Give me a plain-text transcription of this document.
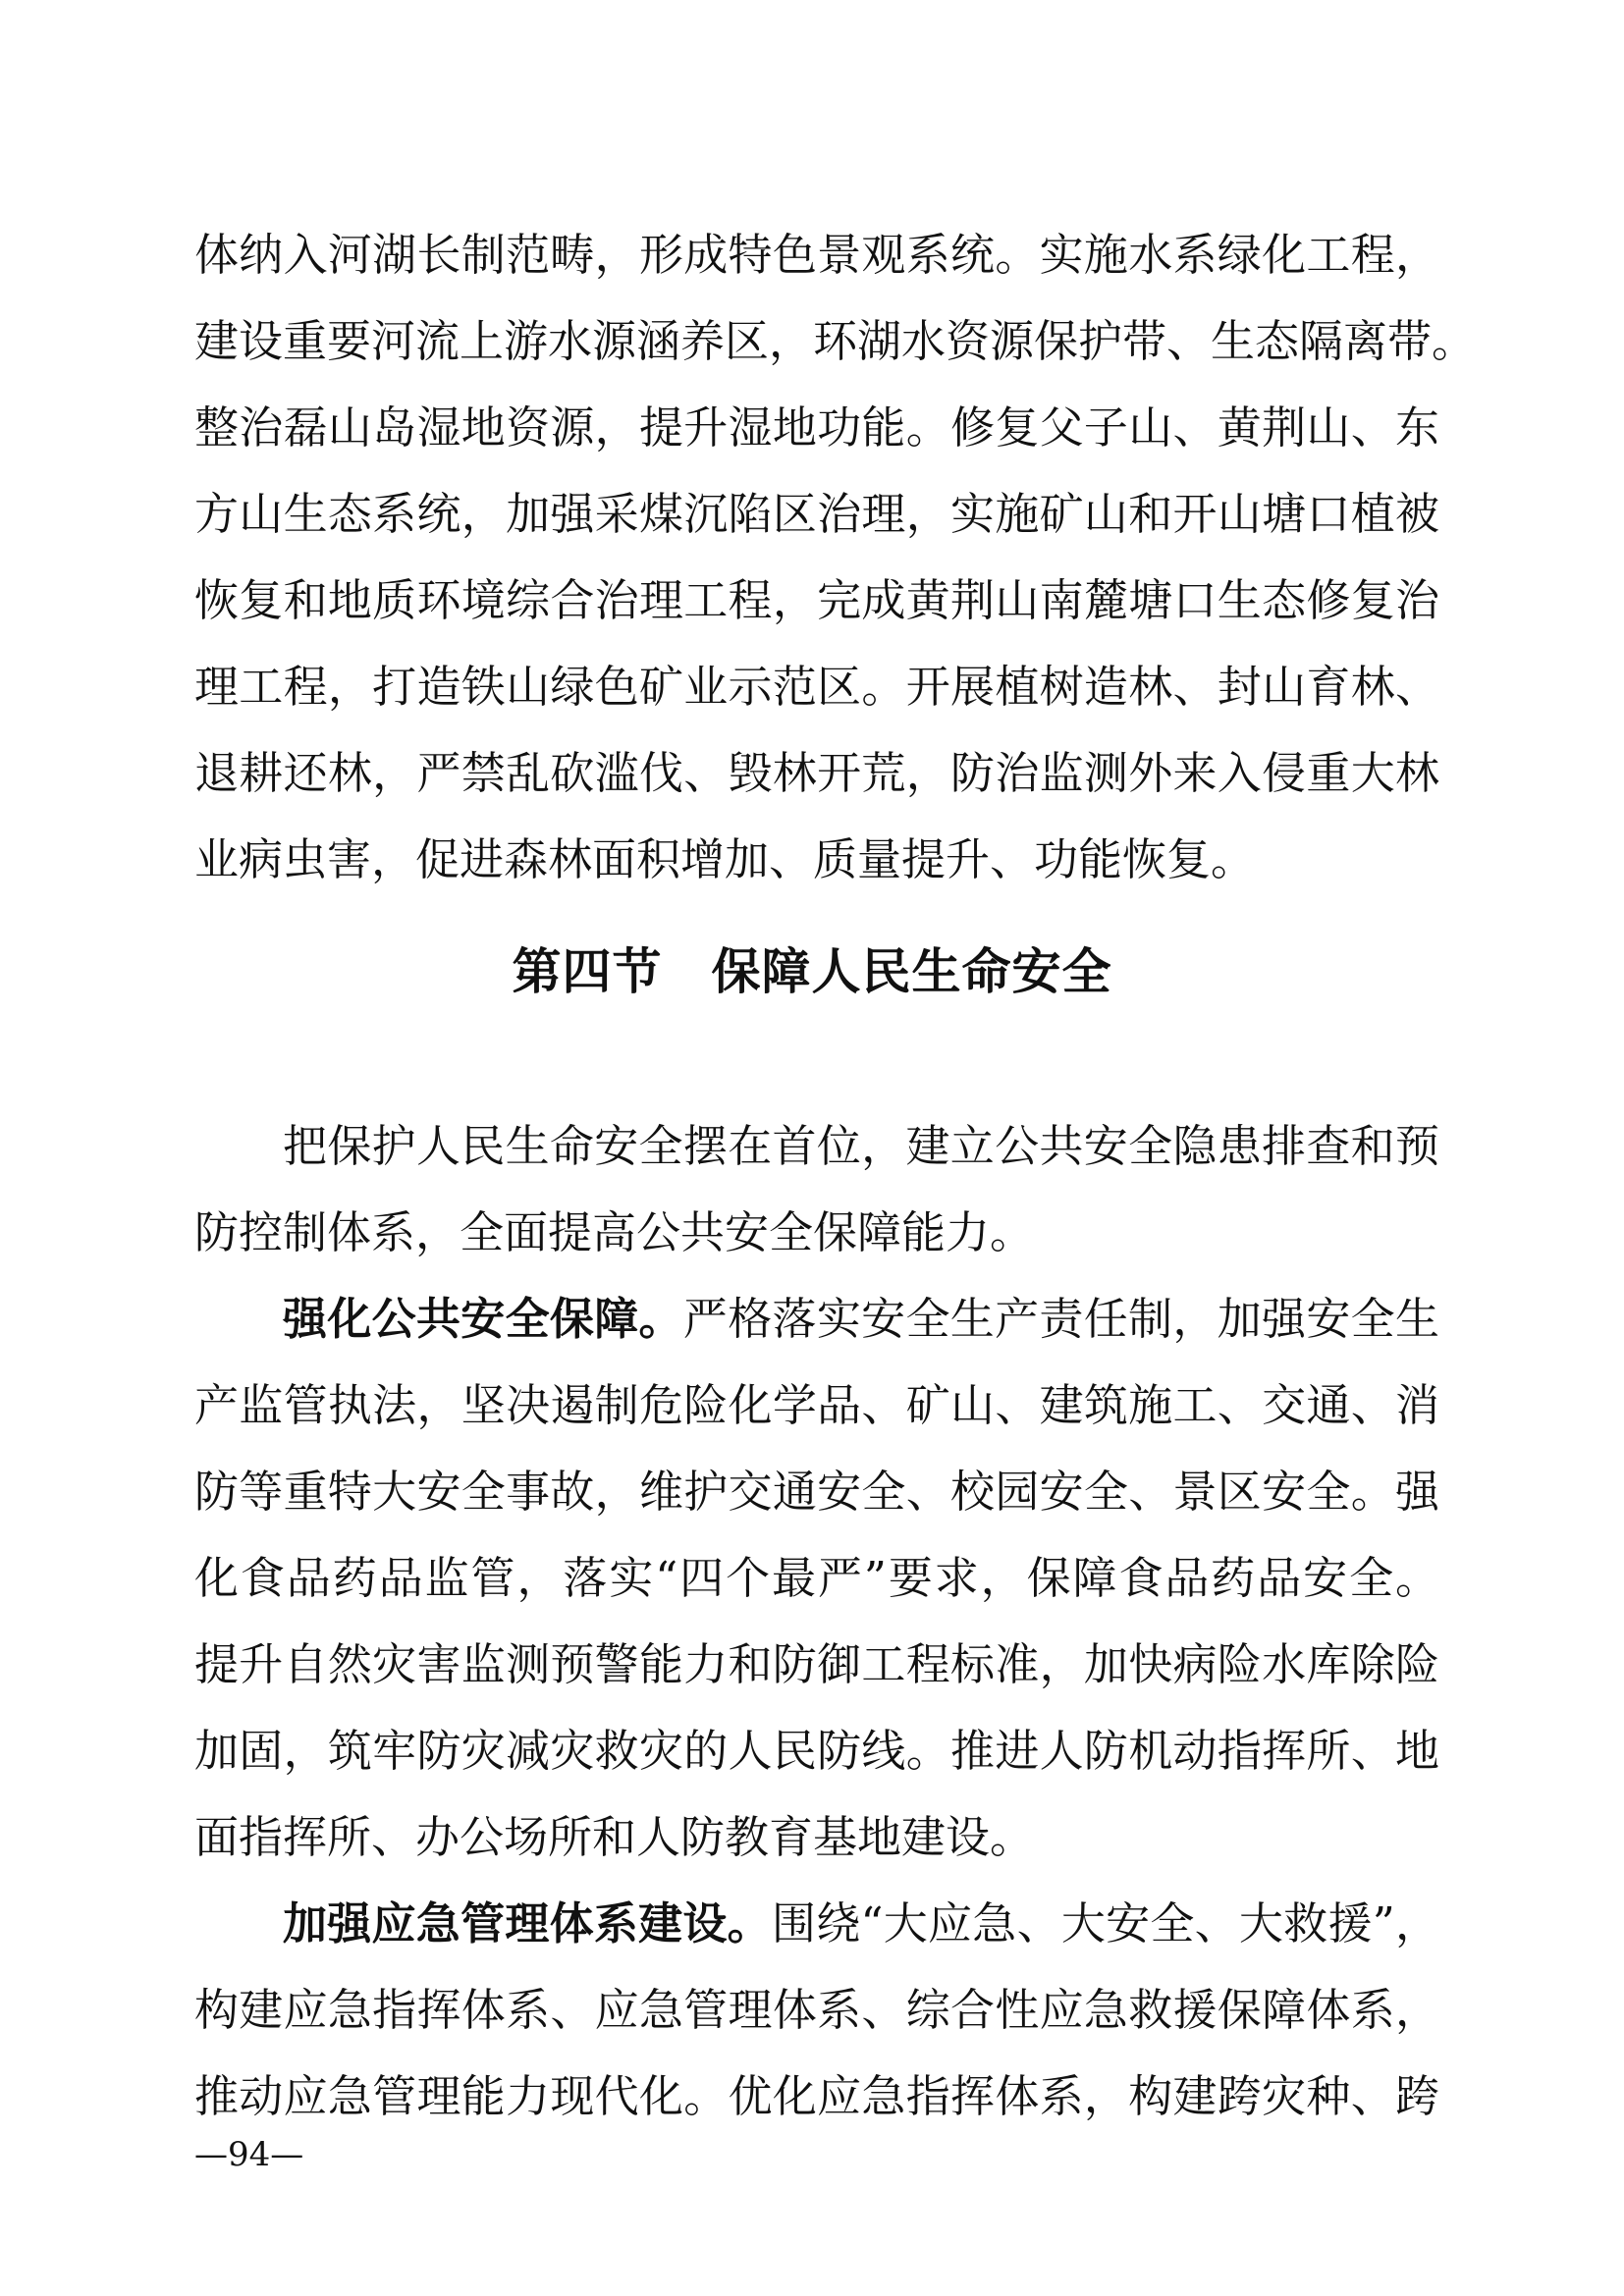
体纳入河湖长制范畴，形成特色景观系统。实施水系绿化工程，
建设重要河流上游水源涵养区，环湖水资源保护带、生态隔离带。
整治磊山岛湿地资源，提升湿地功能。修复父子山、黄荆山、东
方山生态系统，加强采煤沉陷区治理，实施矿山和开山塘口植被
恢复和地质环境综合治理工程，完成黄荆山南麓塘口生态修复治
理工程，打造铁山绿色矿业示范区。开展植树造林、封山育林、
退耕还林，严禁乱砍滥伐、毁林开荒，防治监测外来入侵重大林
业病虫害，促进森林面积增加、质量提升、功能恢复。
第四节 保障人民生命安全
把保护人民生命安全摆在首位，建立公共安全隐患排查和预
防控制体系，全面提高公共安全保障能力。
强化公共安全保障。严格落实安全生产责任制，加强安全生
产监管执法，坚决遏制危险化学品、矿山、建筑施工、交通、消
防等重特大安全事故，维护交通安全、校园安全、景区安全。强
化食品药品监管，落实“四个最严”要求，保障食品药品安全。
提升自然灾害监测预警能力和防御工程标准，加快病险水库除险
加固，筑牢防灾减灾救灾的人民防线。推进人防机动指挥所、地
面指挥所、办公场所和人防教育基地建设。
加强应急管理体系建设。围绕“大应急、大安全、大救援”，
构建应急指挥体系、应急管理体系、综合性应急救援保障体系，
推动应急管理能力现代化。优化应急指挥体系，构建跨灾种、跨
—94—
